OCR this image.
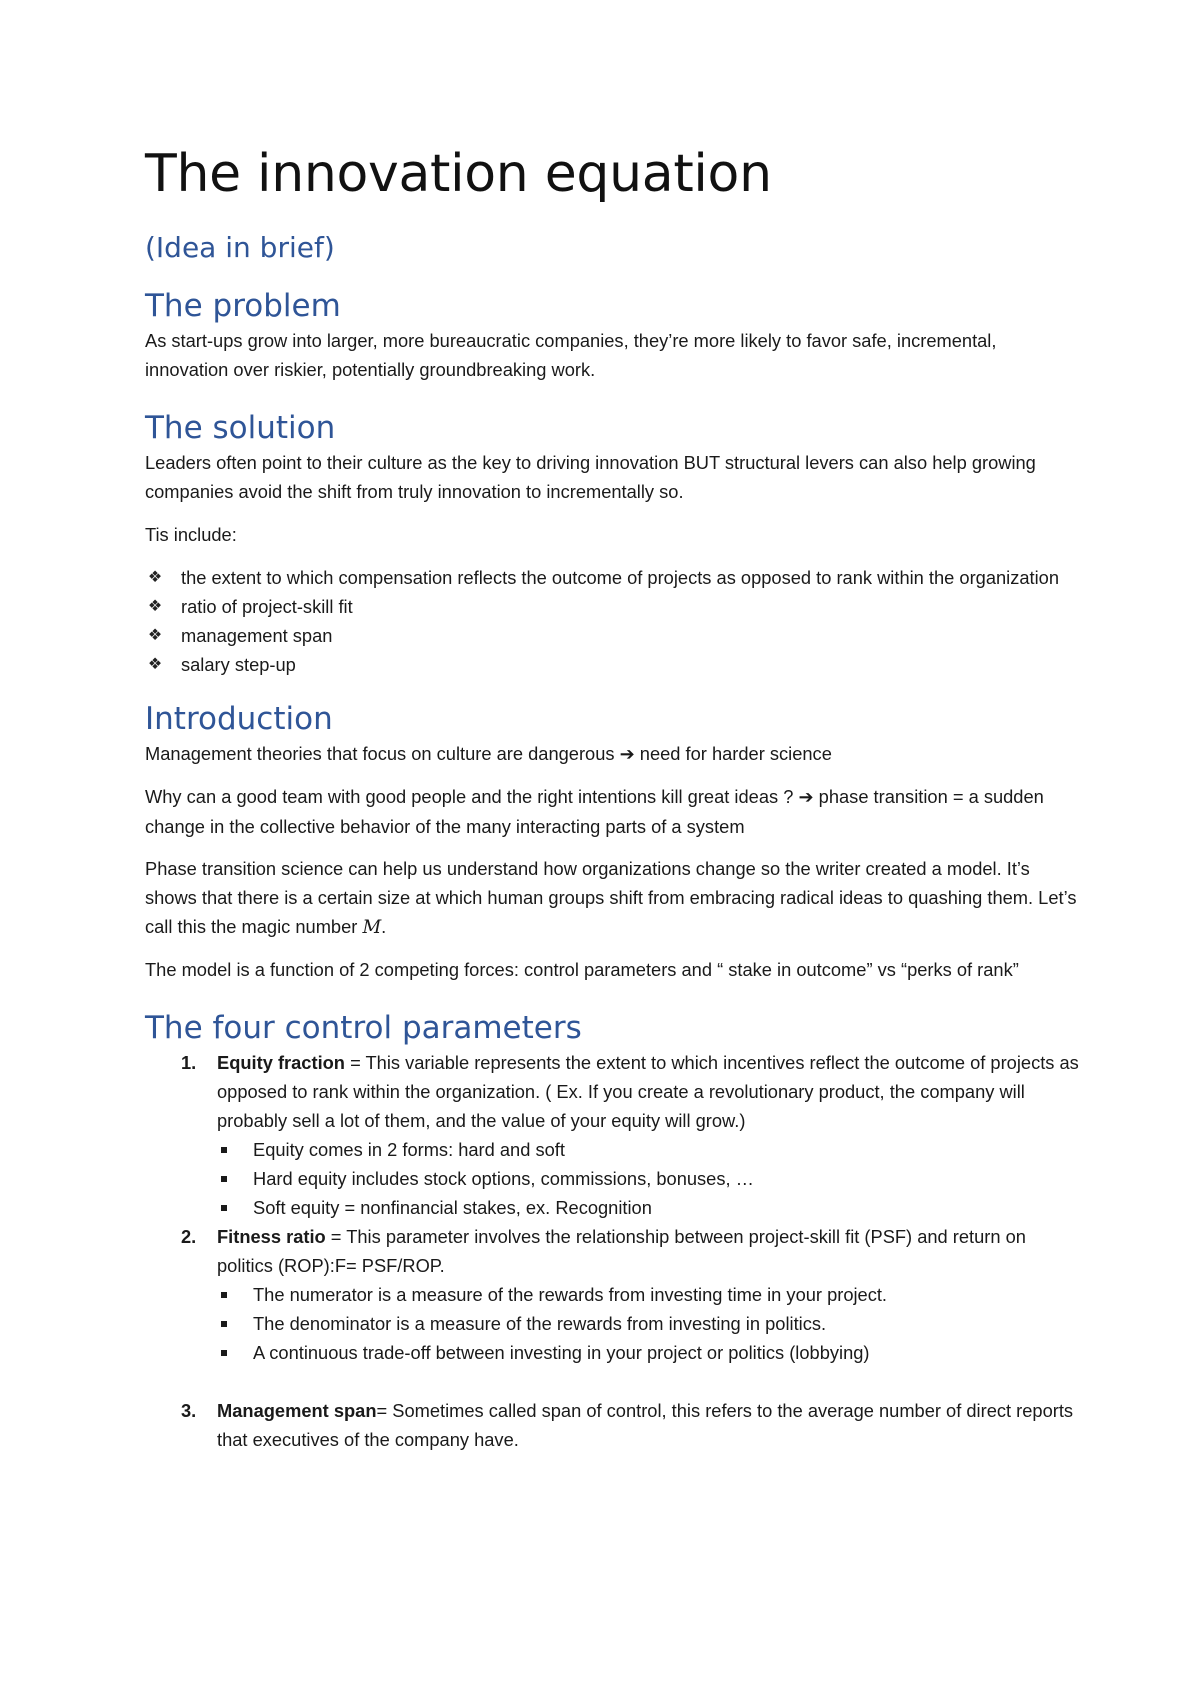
The innovation equation
(Idea in brief)
The problem

As start-ups grow into larger, more bureaucratic companies, they’re more likely to favor safe, incremental, innovation over riskier, potentially groundbreaking work.

The solution

Leaders often point to their culture as the key to driving innovation BUT structural levers can also help growing companies avoid the shift from truly innovation to incrementally so.

Tis include:

❖ the extent to which compensation reflects the outcome of projects as opposed to rank within the organization
❖ ratio of project-skill fit
❖ management span
❖ salary step-up
Introduction

Management theories that focus on culture are dangerous ➔ need for harder science

Why can a good team with good people and the right intentions kill great ideas ? ➔ phase transition = a sudden change in the collective behavior of the many interacting parts of a system

Phase transition science can help us understand how organizations change so the writer created a model. It’s shows that there is a certain size at which human groups shift from embracing radical ideas to quashing them. Let’s call this the magic number M.

The model is a function of 2 competing forces: control parameters and “ stake in outcome” vs “perks of rank”

The four control parameters
1. Equity fraction = This variable represents the extent to which incentives reflect the outcome of projects as opposed to rank within the organization. ( Ex. If you create a revolutionary product, the company will probably sell a lot of them, and the value of your equity will grow.)
Equity comes in 2 forms: hard and soft
Hard equity includes stock options, commissions, bonuses, …
Soft equity = nonfinancial stakes, ex. Recognition
2. Fitness ratio = This parameter involves the relationship between project-skill fit (PSF) and return on politics (ROP):F= PSF/ROP.
The numerator is a measure of the rewards from investing time in your project.
The denominator is a measure of the rewards from investing in politics.
A continuous trade-off between investing in your project or politics (lobbying)
3. Management span= Sometimes called span of control, this refers to the average number of direct reports that executives of the company have.
